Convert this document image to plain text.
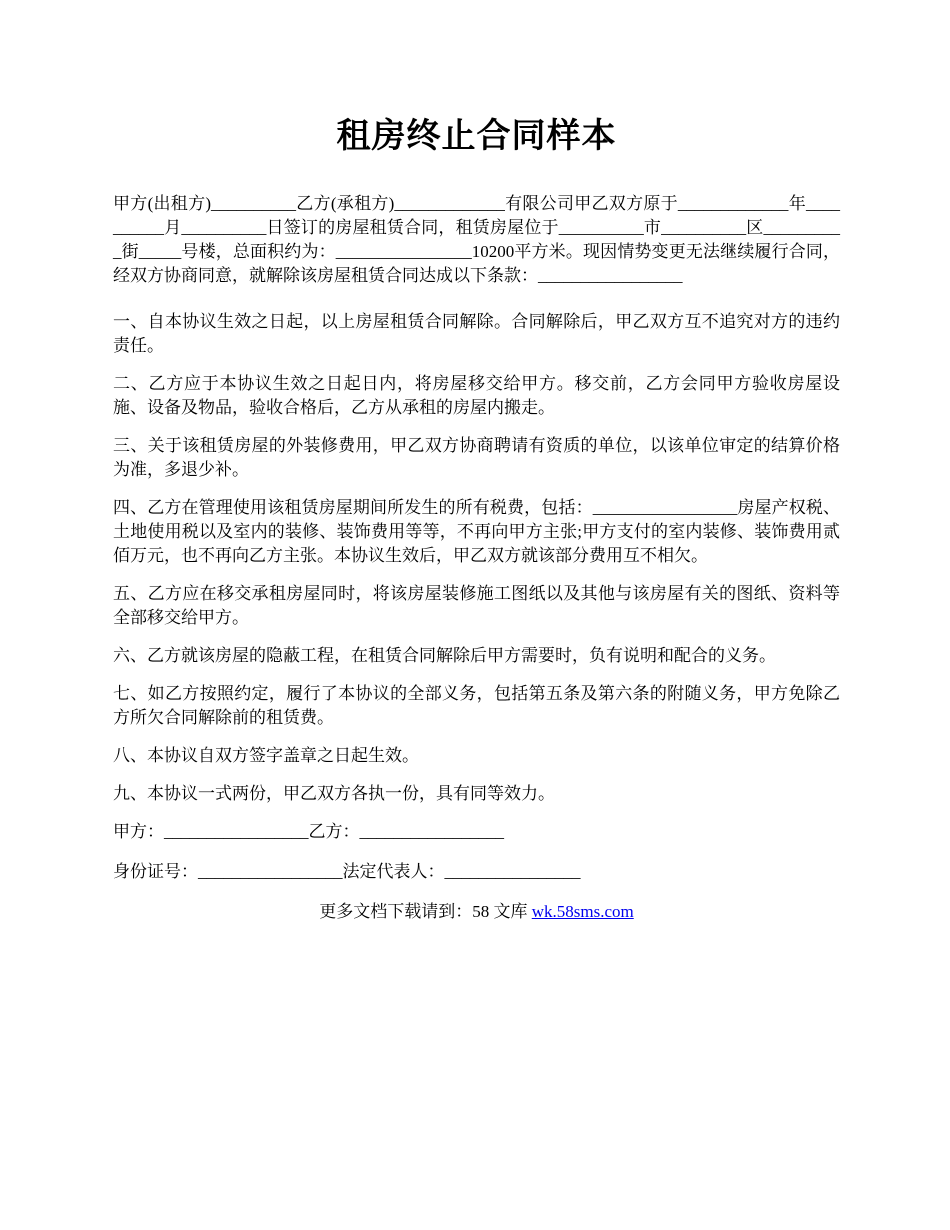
租房终止合同样本

甲方(出租方)__________乙方(承租方)_____________有限公司甲乙双方原于_____________年__________月__________日签订的房屋租赁合同，租赁房屋位于__________市__________区__________街_____号楼，总面积约为：________________10200平方米。现因情势变更无法继续履行合同，经双方协商同意，就解除该房屋租赁合同达成以下条款：_________________

一、自本协议生效之日起，以上房屋租赁合同解除。合同解除后，甲乙双方互不追究对方的违约责任。

二、乙方应于本协议生效之日起日内，将房屋移交给甲方。移交前，乙方会同甲方验收房屋设施、设备及物品，验收合格后，乙方从承租的房屋内搬走。

三、关于该租赁房屋的外装修费用，甲乙双方协商聘请有资质的单位，以该单位审定的结算价格为准，多退少补。

四、乙方在管理使用该租赁房屋期间所发生的所有税费，包括：_________________房屋产权税、土地使用税以及室内的装修、装饰费用等等，不再向甲方主张;甲方支付的室内装修、装饰费用贰佰万元，也不再向乙方主张。本协议生效后，甲乙双方就该部分费用互不相欠。

五、乙方应在移交承租房屋同时，将该房屋装修施工图纸以及其他与该房屋有关的图纸、资料等全部移交给甲方。

六、乙方就该房屋的隐蔽工程，在租赁合同解除后甲方需要时，负有说明和配合的义务。

七、如乙方按照约定，履行了本协议的全部义务，包括第五条及第六条的附随义务，甲方免除乙方所欠合同解除前的租赁费。

八、本协议自双方签字盖章之日起生效。

九、本协议一式两份，甲乙双方各执一份，具有同等效力。

甲方：_________________乙方：_________________

身份证号：_________________法定代表人：________________

更多文档下载请到：58 文库 wk.58sms.com
